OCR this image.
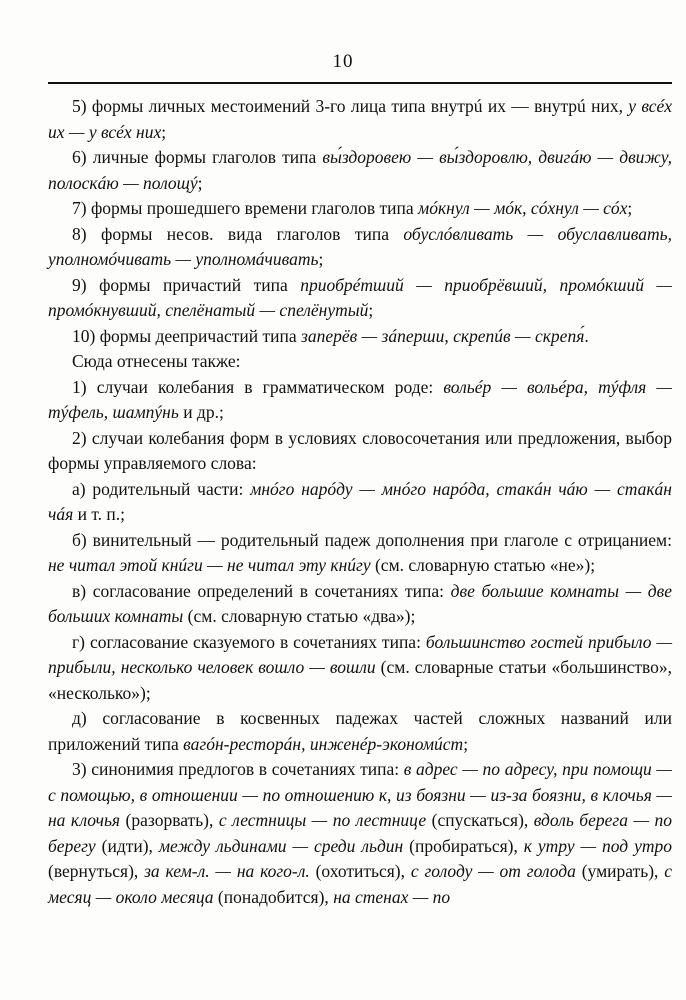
10

5) формы личных местоимений 3-го лица типа внутрú их — внутрú них, у всéх их — у всéх них;

6) личные формы глаголов типа вы́здоровею — вы́здоровлю, двигáю — движу, полоскáю — полощý;

7) формы прошедшего времени глаголов типа мóкнул — мóк, сóхнул — сóх;

8) формы несов. вида глаголов типа обуслóвливать — обуславливать, уполномóчивать — уполномáчивать;

9) формы причастий типа приобрéтший — приобрёвший, промóкший — промóкнувший, спелёнатый — спелёнутый;

10) формы деепричастий типа заперёв — зáперши, скрепúв — скрепя́.

Сюда отнесены также:

1) случаи колебания в грамматическом роде: вольéр — вольéра, тýфля — тýфель, шампýнь и др.;

2) случаи колебания форм в условиях словосочетания или предложения, выбор формы управляемого слова:

а) родительный части: мнóго нарóду — мнóго нарóда, стакáн чáю — стакáн чáя и т. п.;

б) винительный — родительный падеж дополнения при глаголе с отрицанием: не читал этой кнúги — не читал эту кнúгу (см. словарную статью «не»);

в) согласование определений в сочетаниях типа: две большие комнаты — две больших комнаты (см. словарную статью «два»);

г) согласование сказуемого в сочетаниях типа: большинство гостей прибыло — прибыли, несколько человек вошло — вошли (см. словарные статьи «большинство», «несколько»);

д) согласование в косвенных падежах частей сложных названий или приложений типа вагóн-ресторáн, инженéр-экономúст;

3) синонимия предлогов в сочетаниях типа: в адрес — по адресу, при помощи — с помощью, в отношении — по отношению к, из боязни — из-за боязни, в клочья — на клочья (разорвать), с лестницы — по лестнице (спускаться), вдоль берега — по берегу (идти), между льдинами — среди льдин (пробираться), к утру — под утро (вернуться), за кем-л. — на кого-л. (охотиться), с голоду — от голода (умирать), с месяц — около месяца (понадобится), на стенах — по
